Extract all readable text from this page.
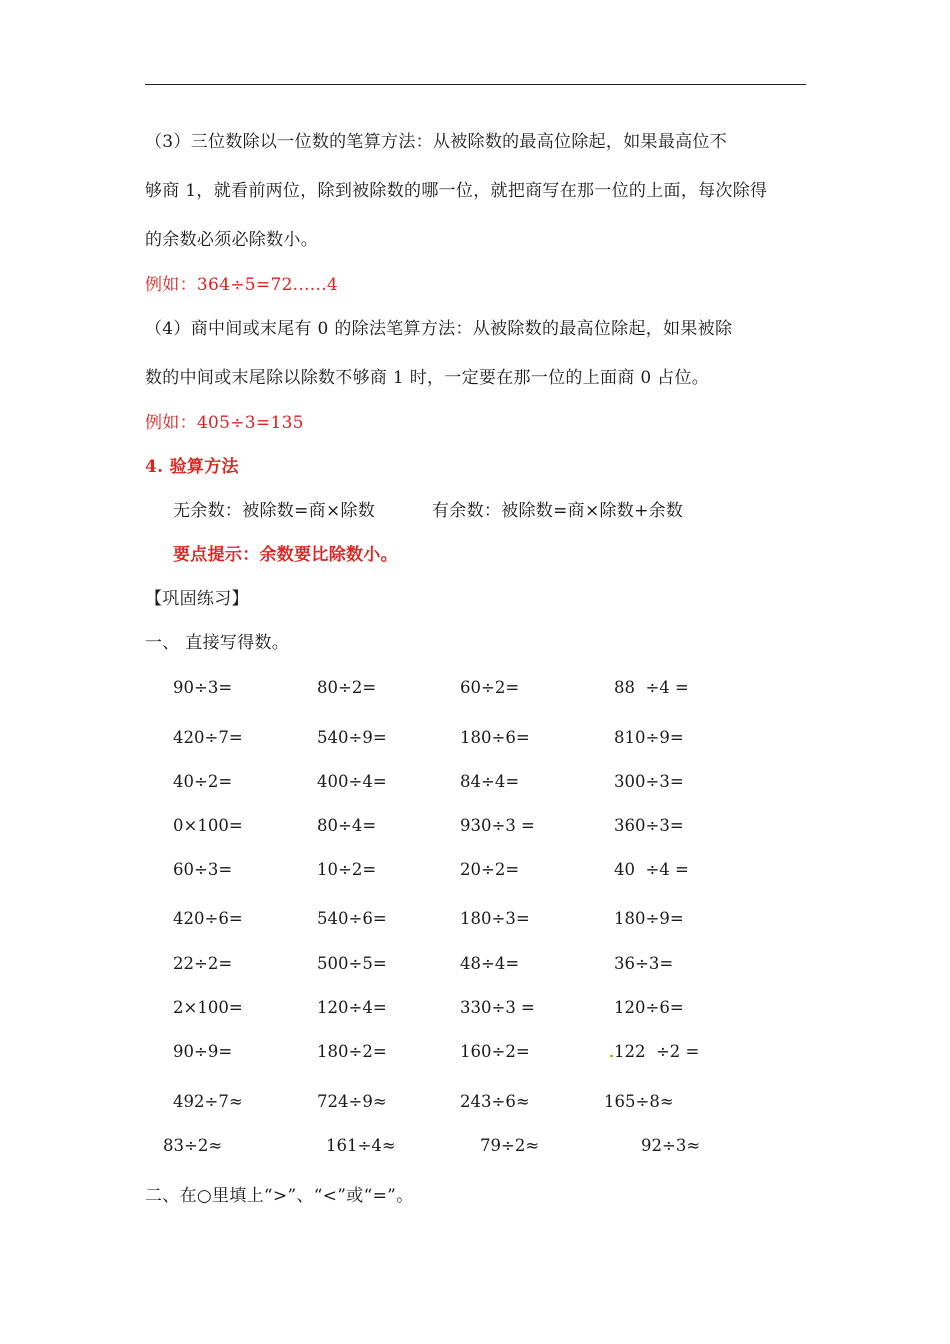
（3）三位数除以一位数的笔算方法：从被除数的最高位除起，如果最高位不
够商 1，就看前两位，除到被除数的哪一位，就把商写在那一位的上面，每次除得
的余数必须必除数小。
例如：364÷5=72......4
（4）商中间或末尾有 0 的除法笔算方法：从被除数的最高位除起，如果被除
数的中间或末尾除以除数不够商 1 时，一定要在那一位的上面商 0 占位。
例如：405÷3=135
4. 验算方法
无余数：被除数=商×除数	有余数：被除数=商×除数+余数
要点提示：余数要比除数小。
【巩固练习】
一、 直接写得数。
90÷3=	80÷2=	60÷2=	88  ÷4 =
420÷7=	540÷9=	180÷6=	810÷9=
40÷2=	400÷4=	84÷4=	300÷3=
0×100=	80÷4=	930÷3 =	360÷3=
60÷3=	10÷2=	20÷2=	40  ÷4 =
420÷6=	540÷6=	180÷3=	180÷9=
22÷2=	500÷5=	48÷4=	36÷3=
2×100=	120÷4=	330÷3 =	120÷6=
90÷9=	180÷2=	160÷2=	122  ÷2 =
492÷7≈	724÷9≈	243÷6≈	165÷8≈
83÷2≈	161÷4≈	79÷2≈	92÷3≈
二、在○里填上“>”、“<”或“=”。
